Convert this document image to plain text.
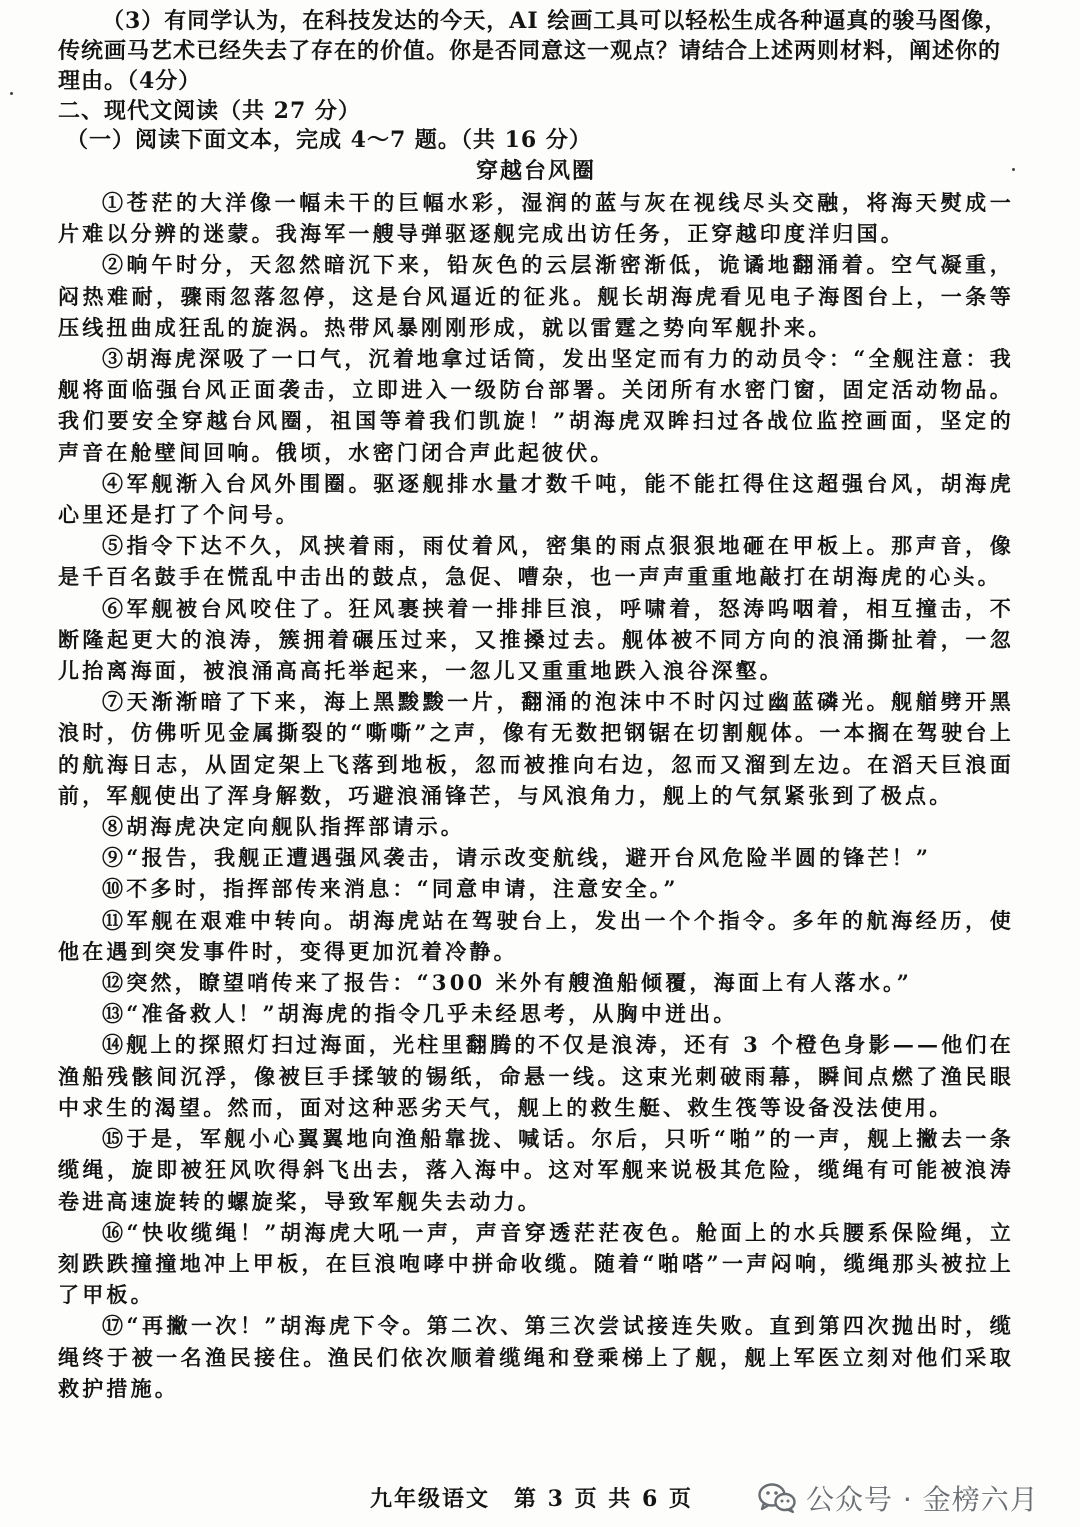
（3）有同学认为，在科技发达的今天，AI 绘画工具可以轻松生成各种逼真的骏马图像，传统画马艺术已经失去了存在的价值。你是否同意这一观点？请结合上述两则材料，阐述你的理由。（4分）

二、现代文阅读（共 27 分）

（一）阅读下面文本，完成 4～7 题。（共 16 分）

穿越台风圈

①苍茫的大洋像一幅未干的巨幅水彩，湿润的蓝与灰在视线尽头交融，将海天熨成一片难以分辨的迷蒙。我海军一艘导弹驱逐舰完成出访任务，正穿越印度洋归国。

②晌午时分，天忽然暗沉下来，铅灰色的云层渐密渐低，诡谲地翻涌着。空气凝重，闷热难耐，骤雨忽落忽停，这是台风逼近的征兆。舰长胡海虎看见电子海图台上，一条等压线扭曲成狂乱的旋涡。热带风暴刚刚形成，就以雷霆之势向军舰扑来。

③胡海虎深吸了一口气，沉着地拿过话筒，发出坚定而有力的动员令：“全舰注意：我舰将面临强台风正面袭击，立即进入一级防台部署。关闭所有水密门窗，固定活动物品。我们要安全穿越台风圈，祖国等着我们凯旋！”胡海虎双眸扫过各战位监控画面，坚定的声音在舱壁间回响。俄顷，水密门闭合声此起彼伏。

④军舰渐入台风外围圈。驱逐舰排水量才数千吨，能不能扛得住这超强台风，胡海虎心里还是打了个问号。

⑤指令下达不久，风挟着雨，雨仗着风，密集的雨点狠狠地砸在甲板上。那声音，像是千百名鼓手在慌乱中击出的鼓点，急促、嘈杂，也一声声重重地敲打在胡海虎的心头。

⑥军舰被台风咬住了。狂风裹挟着一排排巨浪，呼啸着，怒涛呜咽着，相互撞击，不断隆起更大的浪涛，簇拥着碾压过来，又推搡过去。舰体被不同方向的浪涌撕扯着，一忽儿抬离海面，被浪涌高高托举起来，一忽儿又重重地跌入浪谷深壑。

⑦天渐渐暗了下来，海上黑黢黢一片，翻涌的泡沫中不时闪过幽蓝磷光。舰艏劈开黑浪时，仿佛听见金属撕裂的“嘶嘶”之声，像有无数把钢锯在切割舰体。一本搁在驾驶台上的航海日志，从固定架上飞落到地板，忽而被推向右边，忽而又溜到左边。在滔天巨浪面前，军舰使出了浑身解数，巧避浪涌锋芒，与风浪角力，舰上的气氛紧张到了极点。

⑧胡海虎决定向舰队指挥部请示。

⑨“报告，我舰正遭遇强风袭击，请示改变航线，避开台风危险半圆的锋芒！”

⑩不多时，指挥部传来消息：“同意申请，注意安全。”

⑪军舰在艰难中转向。胡海虎站在驾驶台上，发出一个个指令。多年的航海经历，使他在遇到突发事件时，变得更加沉着冷静。

⑫突然，瞭望哨传来了报告：“300 米外有艘渔船倾覆，海面上有人落水。”

⑬“准备救人！”胡海虎的指令几乎未经思考，从胸中迸出。

⑭舰上的探照灯扫过海面，光柱里翻腾的不仅是浪涛，还有 3 个橙色身影——他们在渔船残骸间沉浮，像被巨手揉皱的锡纸，命悬一线。这束光刺破雨幕，瞬间点燃了渔民眼中求生的渴望。然而，面对这种恶劣天气，舰上的救生艇、救生筏等设备没法使用。

⑮于是，军舰小心翼翼地向渔船靠拢、喊话。尔后，只听“啪”的一声，舰上撇去一条缆绳，旋即被狂风吹得斜飞出去，落入海中。这对军舰来说极其危险，缆绳有可能被浪涛卷进高速旋转的螺旋桨，导致军舰失去动力。

⑯“快收缆绳！”胡海虎大吼一声，声音穿透茫茫夜色。舱面上的水兵腰系保险绳，立刻跌跌撞撞地冲上甲板，在巨浪咆哮中拼命收缆。随着“啪嗒”一声闷响，缆绳那头被拉上了甲板。

⑰“再撇一次！”胡海虎下令。第二次、第三次尝试接连失败。直到第四次抛出时，缆绳终于被一名渔民接住。渔民们依次顺着缆绳和登乘梯上了舰，舰上军医立刻对他们采取救护措施。

九年级语文　第 3 页 共 6 页	公众号 · 金榜六月
